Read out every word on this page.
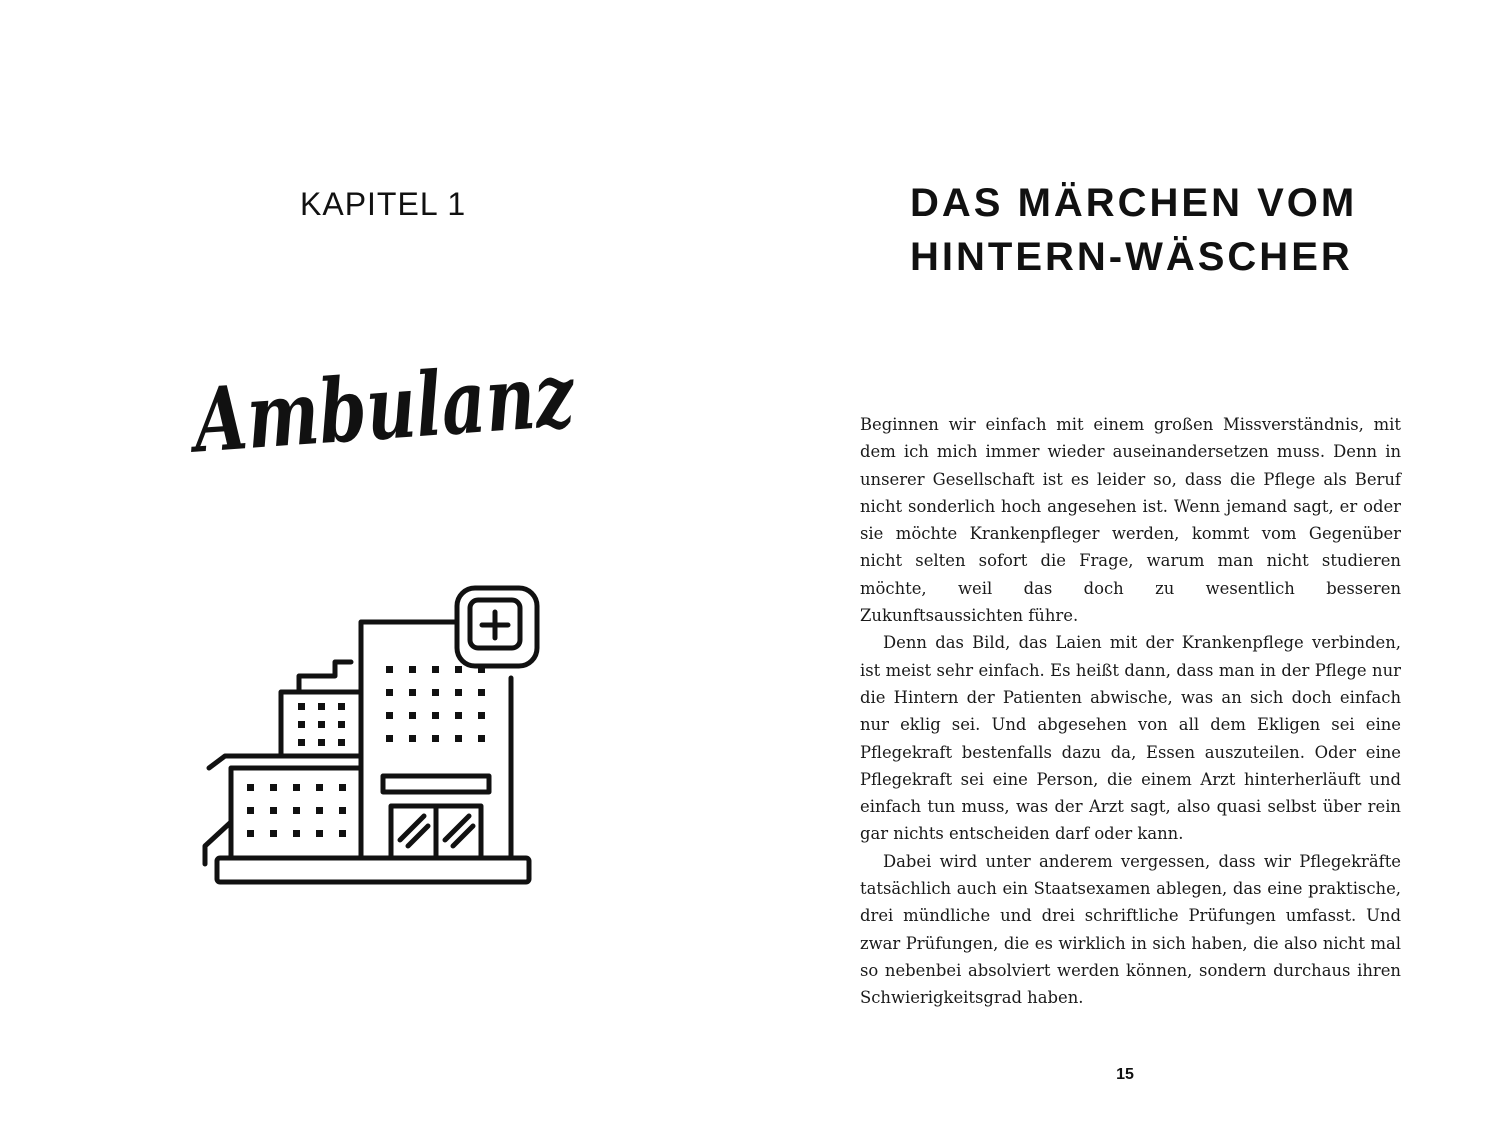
KAPITEL 1
Ambulanz
DAS MÄRCHEN VOM
HINTERN-WÄSCHER

Beginnen wir einfach mit einem großen Missverständnis, mit dem ich mich immer wieder auseinandersetzen muss. Denn in unserer Gesellschaft ist es leider so, dass die Pflege als Beruf nicht sonderlich hoch angesehen ist. Wenn jemand sagt, er oder sie möchte Krankenpfleger werden, kommt vom Gegenüber nicht selten sofort die Frage, warum man nicht studieren möchte, weil das doch zu wesentlich besseren Zukunftsaussichten führe.

Denn das Bild, das Laien mit der Krankenpflege verbinden, ist meist sehr einfach. Es heißt dann, dass man in der Pflege nur die Hintern der Patienten abwische, was an sich doch einfach nur eklig sei. Und abgesehen von all dem Ekligen sei eine Pflegekraft bestenfalls dazu da, Essen auszuteilen. Oder eine Pflegekraft sei eine Person, die einem Arzt hinterherläuft und einfach tun muss, was der Arzt sagt, also quasi selbst über rein gar nichts entscheiden darf oder kann.

Dabei wird unter anderem vergessen, dass wir Pflegekräfte tatsächlich auch ein Staatsexamen ablegen, das eine praktische, drei mündliche und drei schriftliche Prüfungen umfasst. Und zwar Prüfungen, die es wirklich in sich haben, die also nicht mal so nebenbei absolviert werden können, sondern durchaus ihren Schwierigkeitsgrad haben.

15
